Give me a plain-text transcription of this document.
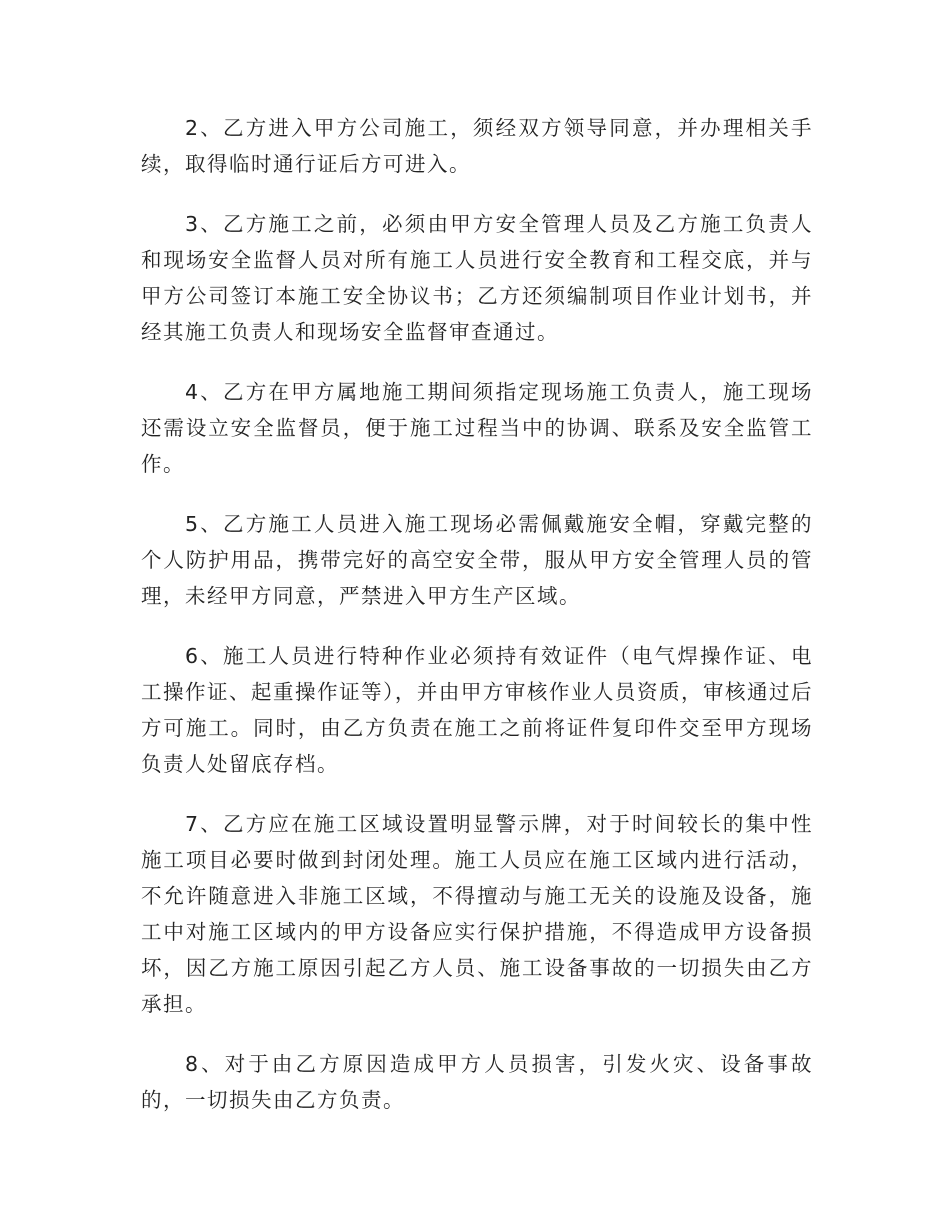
2、乙方进入甲方公司施工，须经双方领导同意，并办理相关手续，取得临时通行证后方可进入。

3、乙方施工之前，必须由甲方安全管理人员及乙方施工负责人和现场安全监督人员对所有施工人员进行安全教育和工程交底，并与甲方公司签订本施工安全协议书；乙方还须编制项目作业计划书，并经其施工负责人和现场安全监督审查通过。

4、乙方在甲方属地施工期间须指定现场施工负责人，施工现场还需设立安全监督员，便于施工过程当中的协调、联系及安全监管工作。

5、乙方施工人员进入施工现场必需佩戴施安全帽，穿戴完整的个人防护用品，携带完好的高空安全带，服从甲方安全管理人员的管理，未经甲方同意，严禁进入甲方生产区域。

6、施工人员进行特种作业必须持有效证件（电气焊操作证、电工操作证、起重操作证等），并由甲方审核作业人员资质，审核通过后方可施工。同时，由乙方负责在施工之前将证件复印件交至甲方现场负责人处留底存档。

7、乙方应在施工区域设置明显警示牌，对于时间较长的集中性施工项目必要时做到封闭处理。施工人员应在施工区域内进行活动，不允许随意进入非施工区域，不得擅动与施工无关的设施及设备，施工中对施工区域内的甲方设备应实行保护措施，不得造成甲方设备损坏，因乙方施工原因引起乙方人员、施工设备事故的一切损失由乙方承担。

8、对于由乙方原因造成甲方人员损害，引发火灾、设备事故的，一切损失由乙方负责。
